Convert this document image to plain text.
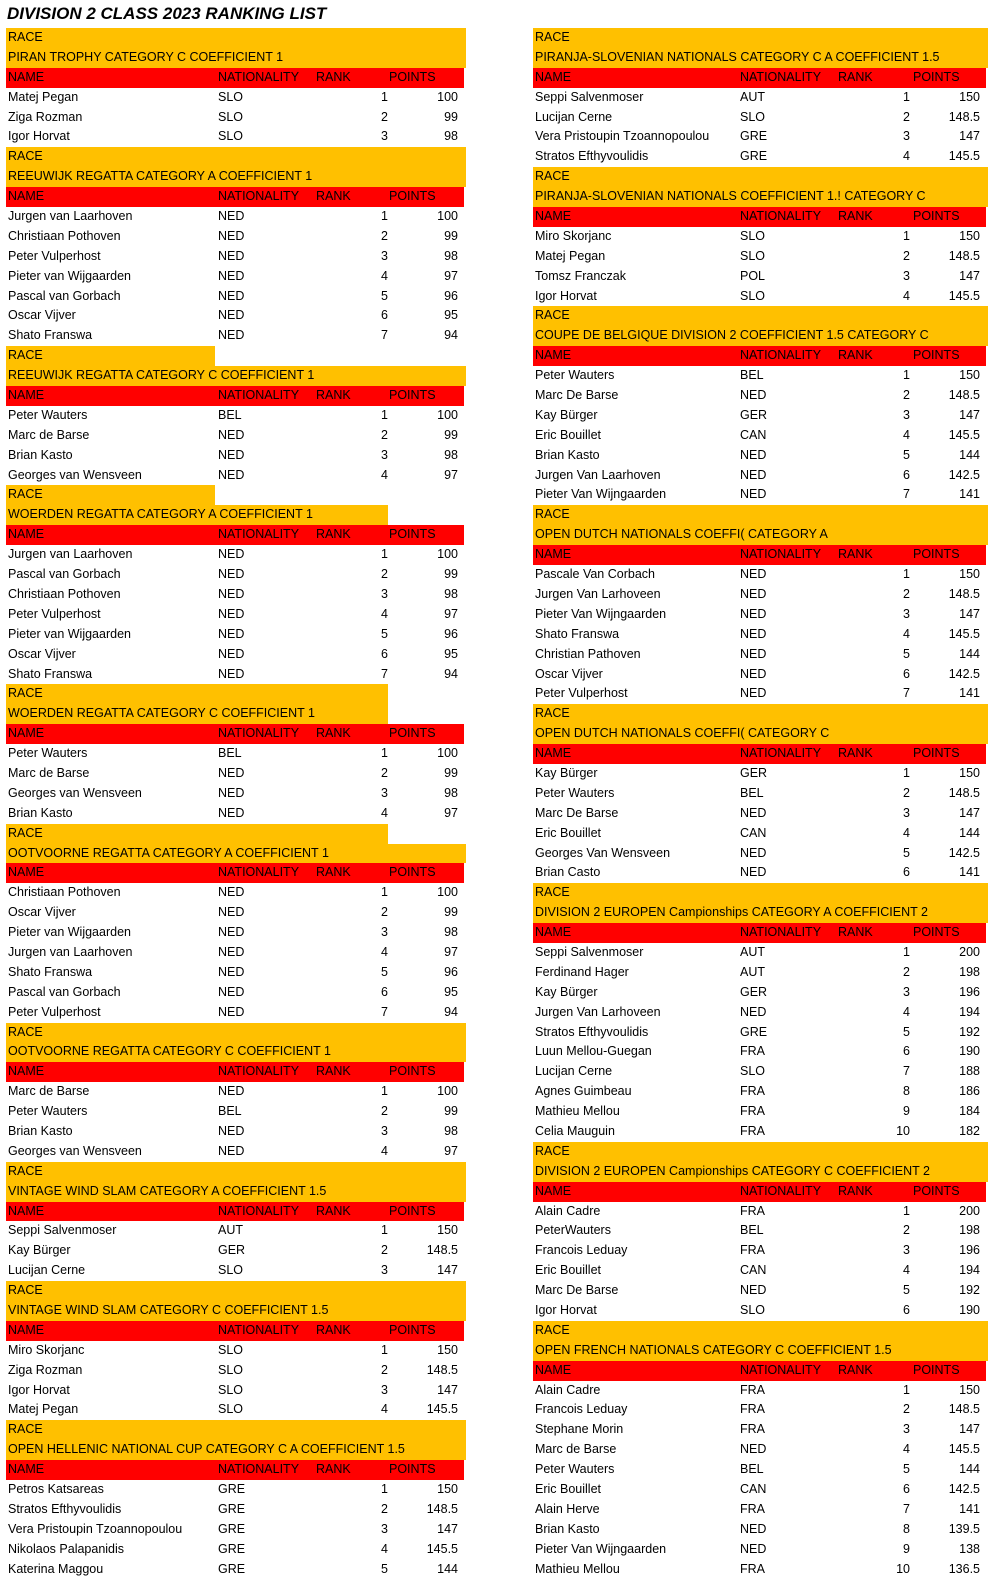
DIVISION 2 CLASS 2023 RANKING LIST
RACE
PIRAN TROPHY CATEGORY C COEFFICIENT 1
NAME	NATIONALITY RANK	POINTS
Matej Pegan	SLO	1	100
Ziga Rozman	SLO	2	99
Igor Horvat	SLO	3	98
RACE
REEUWIJK REGATTA CATEGORY A COEFFICIENT 1
NAME	NATIONALITY RANK	POINTS
Jurgen van Laarhoven	NED	1	100
Christiaan Pothoven	NED	2	99
Peter Vulperhost	NED	3	98
Pieter van Wijgaarden	NED	4	97
Pascal van Gorbach	NED	5	96
Oscar Vijver	NED	6	95
Shato Franswa	NED	7	94
RACE
REEUWIJK REGATTA CATEGORY C COEFFICIENT 1
NAME	NATIONALITY RANK	POINTS
Peter Wauters	BEL	1	100
Marc de Barse	NED	2	99
Brian Kasto	NED	3	98
Georges van Wensveen	NED	4	97
RACE
WOERDEN REGATTA CATEGORY A COEFFICIENT 1
NAME	NATIONALITY RANK	POINTS
Jurgen van Laarhoven	NED	1	100
Pascal van Gorbach	NED	2	99
Christiaan Pothoven	NED	3	98
Peter Vulperhost	NED	4	97
Pieter van Wijgaarden	NED	5	96
Oscar Vijver	NED	6	95
Shato Franswa	NED	7	94
RACE
WOERDEN REGATTA CATEGORY C COEFFICIENT 1
NAME	NATIONALITY RANK	POINTS
Peter Wauters	BEL	1	100
Marc de Barse	NED	2	99
Georges van Wensveen	NED	3	98
Brian Kasto	NED	4	97
RACE
OOTVOORNE REGATTA CATEGORY A COEFFICIENT 1
NAME	NATIONALITY RANK	POINTS
Christiaan Pothoven	NED	1	100
Oscar Vijver	NED	2	99
Pieter van Wijgaarden	NED	3	98
Jurgen van Laarhoven	NED	4	97
Shato Franswa	NED	5	96
Pascal van Gorbach	NED	6	95
Peter Vulperhost	NED	7	94
RACE
OOTVOORNE REGATTA CATEGORY C COEFFICIENT 1
NAME	NATIONALITY RANK	POINTS
Marc de Barse	NED	1	100
Peter Wauters	BEL	2	99
Brian Kasto	NED	3	98
Georges van Wensveen	NED	4	97
RACE
VINTAGE WIND SLAM CATEGORY A COEFFICIENT 1.5
NAME	NATIONALITY RANK	POINTS
Seppi Salvenmoser	AUT	1	150
Kay Bürger	GER	2	148.5
Lucijan Cerne	SLO	3	147
RACE
VINTAGE WIND SLAM CATEGORY C COEFFICIENT 1.5
NAME	NATIONALITY RANK	POINTS
Miro Skorjanc	SLO	1	150
Ziga Rozman	SLO	2	148.5
Igor Horvat	SLO	3	147
Matej Pegan	SLO	4	145.5
RACE
OPEN HELLENIC NATIONAL CUP CATEGORY C A COEFFICIENT 1.5
NAME	NATIONALITY RANK	POINTS
Petros Katsareas	GRE	1	150
Stratos Efthyvoulidis	GRE	2	148.5
Vera Pristoupin Tzoannopoulou	GRE	3	147
Nikolaos Palapanidis	GRE	4	145.5
Katerina Maggou	GRE	5	144
RACE
PIRANJA-SLOVENIAN NATIONALS CATEGORY C A COEFFICIENT 1.5
NAME	NATIONALITY RANK	POINTS
Seppi Salvenmoser	AUT	1	150
Lucijan Cerne	SLO	2	148.5
Vera Pristoupin Tzoannopoulou GRE	3	147
Stratos Efthyvoulidis	GRE	4	145.5
RACE
PIRANJA-SLOVENIAN NATIONALS COEFFICIENT 1.! CATEGORY C
NAME	NATIONALITY RANK	POINTS
Miro Skorjanc	SLO	1	150
Matej Pegan	SLO	2	148.5
Tomsz Franczak	POL	3	147
Igor Horvat	SLO	4	145.5
RACE
COUPE DE BELGIQUE DIVISION 2 COEFFICIENT 1.5 CATEGORY C
NAME	NATIONALITY RANK	POINTS
Peter Wauters	BEL	1	150
Marc De Barse	NED	2	148.5
Kay Bürger	GER	3	147
Eric Bouillet	CAN	4	145.5
Brian Kasto	NED	5	144
Jurgen Van Laarhoven	NED	6	142.5
Pieter Van Wijngaarden	NED	7	141
RACE
OPEN DUTCH NATIONALS COEFFI( CATEGORY A
NAME	NATIONALITY RANK	POINTS
Pascale Van Corbach	NED	1	150
Jurgen Van Larhoveen	NED	2	148.5
Pieter Van Wijngaarden	NED	3	147
Shato Franswa	NED	4	145.5
Christian Pathoven	NED	5	144
Oscar Vijver	NED	6	142.5
Peter Vulperhost	NED	7	141
RACE
OPEN DUTCH NATIONALS COEFFI( CATEGORY C
NAME	NATIONALITY RANK	POINTS
Kay Bürger	GER	1	150
Peter Wauters	BEL	2	148.5
Marc De Barse	NED	3	147
Eric Bouillet	CAN	4	144
Georges Van Wensveen	NED	5	142.5
Brian Casto	NED	6	141
RACE
DIVISION 2 EUROPEN Campionships CATEGORY A COEFFICIENT 2
NAME	NATIONALITY RANK	POINTS
Seppi Salvenmoser	AUT	1	200
Ferdinand Hager	AUT	2	198
Kay Bürger	GER	3	196
Jurgen Van Larhoveen	NED	4	194
Stratos Efthyvoulidis	GRE	5	192
Luun Mellou-Guegan	FRA	6	190
Lucijan Cerne	SLO	7	188
Agnes Guimbeau	FRA	8	186
Mathieu Mellou	FRA	9	184
Celia Mauguin	FRA	10	182
RACE
DIVISION 2 EUROPEN Campionships CATEGORY C COEFFICIENT 2
NAME	NATIONALITY RANK	POINTS
Alain Cadre	FRA	1	200
PeterWauters	BEL	2	198
Francois Leduay	FRA	3	196
Eric Bouillet	CAN	4	194
Marc De Barse	NED	5	192
Igor Horvat	SLO	6	190
RACE
OPEN FRENCH NATIONALS CATEGORY C COEFFICIENT 1.5
NAME	NATIONALITY RANK	POINTS
Alain Cadre	FRA	1	150
Francois Leduay	FRA	2	148.5
Stephane Morin	FRA	3	147
Marc de Barse	NED	4	145.5
Peter Wauters	BEL	5	144
Eric Bouillet	CAN	6	142.5
Alain Herve	FRA	7	141
Brian Kasto	NED	8	139.5
Pieter Van Wijngaarden	NED	9	138
Mathieu Mellou	FRA	10	136.5
